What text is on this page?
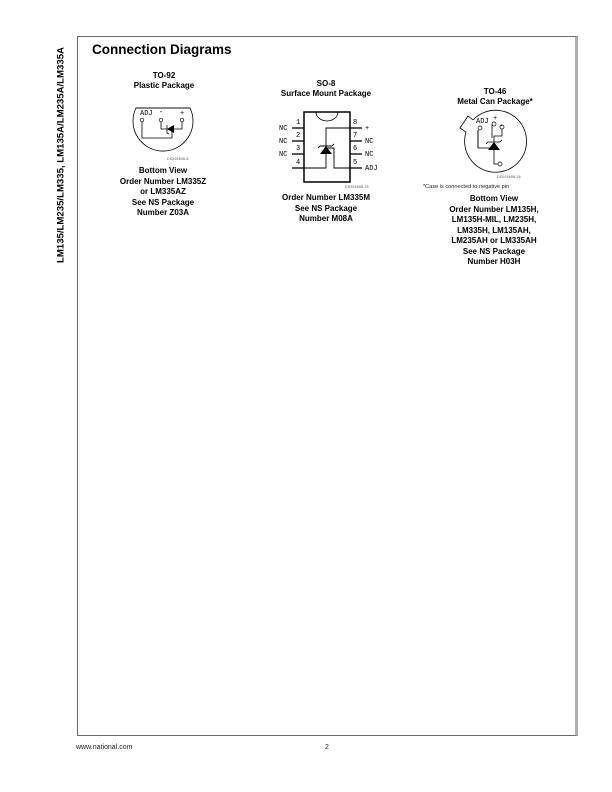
LM135/LM235/LM335, LM135A/LM235A/LM335A Connection Diagrams
TO-92
Plastic Package
ADJ - +
DS005698-8
Bottom View
Order Number LM335Z
or LM335AZ
See NS Package
Number Z03A
SO-8
Surface Mount Package
1
2
3
4
NC
NC
NC
8
7
6
5
+
NC
NC
ADJ
DS005698-25
Order Number LM335M
See NS Package
Number M08A
TO-46
Metal Can Package*
ADJ +
-
DS005698-26
*Case is connected to negative pin
Bottom View
Order Number LM135H,
LM135H-MIL, LM235H,
LM335H, LM135AH,
LM235AH or LM335AH
See NS Package
Number H03H
www.national.com	2
